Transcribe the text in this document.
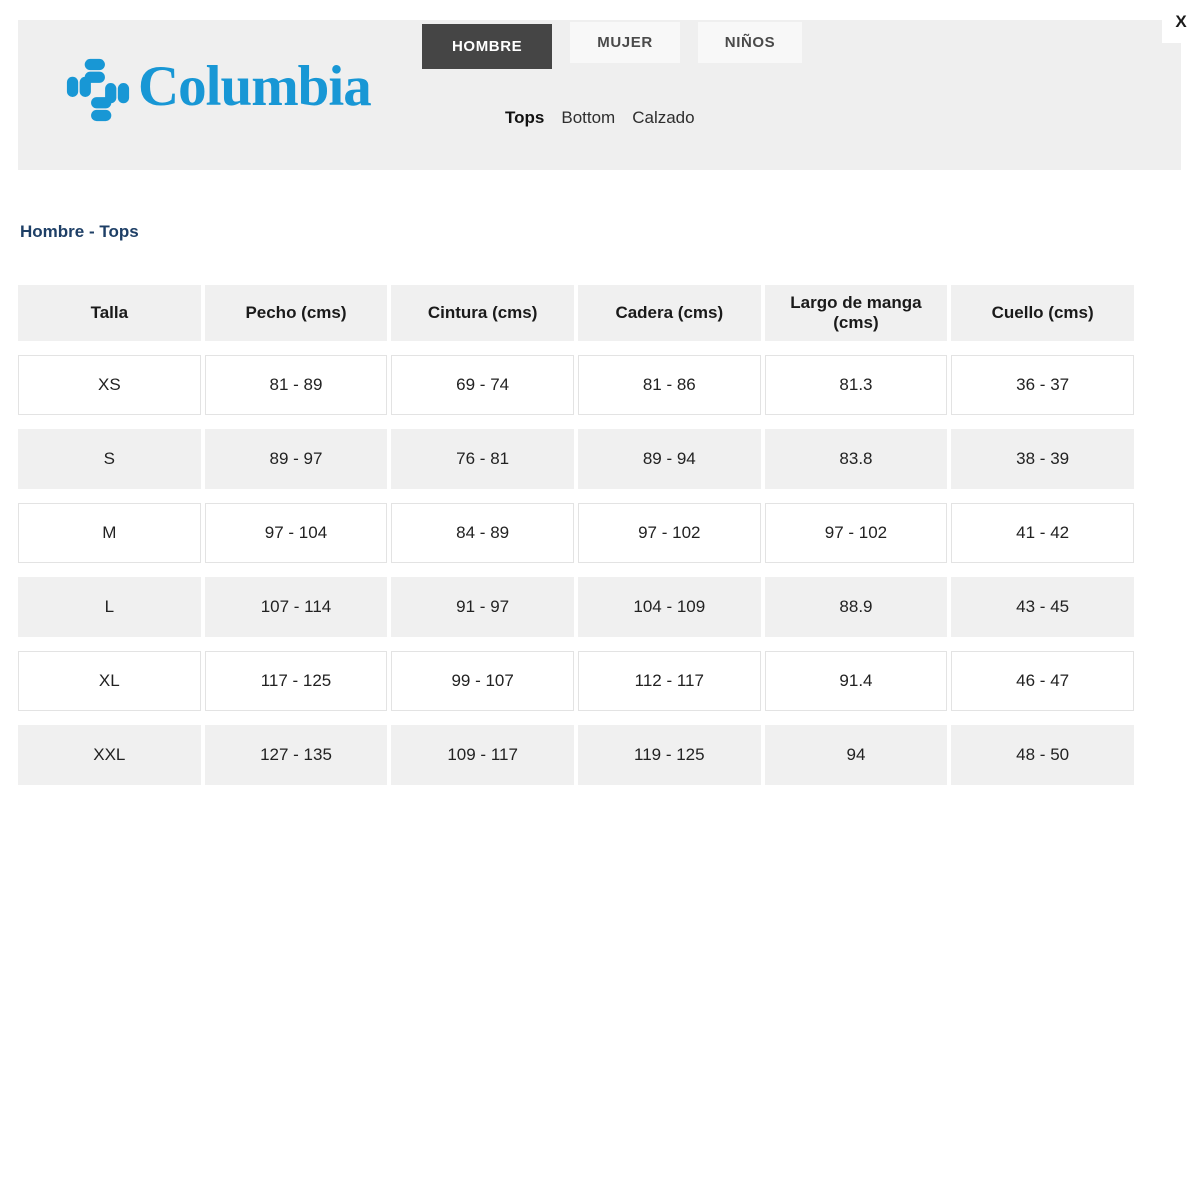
X
Columbia
HOMBRE	MUJER	NIÑOS
Tops Bottom Calzado
Hombre - Tops
Talla	Pecho (cms)	Cintura (cms)	Cadera (cms)	Largo de manga (cms)	Cuello (cms)
XS	81 - 89	69 - 74	81 - 86	81.3	36 - 37
S	89 - 97	76 - 81	89 - 94	83.8	38 - 39
M	97 - 104	84 - 89	97 - 102	97 - 102	41 - 42
L	107 - 114	91 - 97	104 - 109	88.9	43 - 45
XL	117 - 125	99 - 107	112 - 117	91.4	46 - 47
XXL	127 - 135	109 - 117	119 - 125	94	48 - 50
